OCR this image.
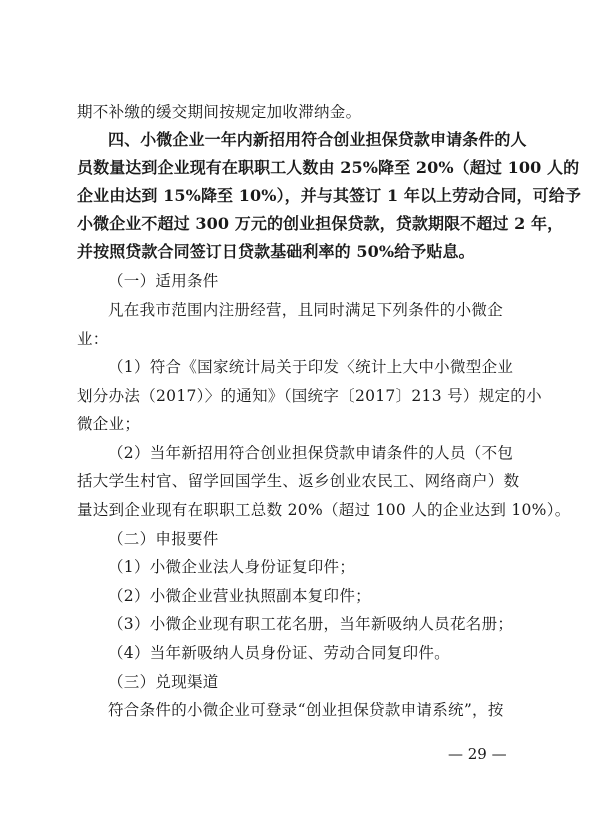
期不补缴的缓交期间按规定加收滞纳金。
四、小微企业一年内新招用符合创业担保贷款申请条件的人
员数量达到企业现有在职职工人数由 25%降至 20%（超过 100 人的
企业由达到 15%降至 10%），并与其签订 1 年以上劳动合同，可给予
小微企业不超过 300 万元的创业担保贷款，贷款期限不超过 2 年，
并按照贷款合同签订日贷款基础利率的 50%给予贴息。
（一）适用条件
凡在我市范围内注册经营，且同时满足下列条件的小微企
业：
（1）符合《国家统计局关于印发〈统计上大中小微型企业
划分办法（2017）〉的通知》（国统字〔2017〕213 号）规定的小
微企业；
（2）当年新招用符合创业担保贷款申请条件的人员（不包
括大学生村官、留学回国学生、返乡创业农民工、网络商户）数
量达到企业现有在职职工总数 20%（超过 100 人的企业达到 10%）。
（二）申报要件
（1）小微企业法人身份证复印件；
（2）小微企业营业执照副本复印件；
（3）小微企业现有职工花名册，当年新吸纳人员花名册；
（4）当年新吸纳人员身份证、劳动合同复印件。
（三）兑现渠道
符合条件的小微企业可登录“创业担保贷款申请系统”，按
— 29 —
